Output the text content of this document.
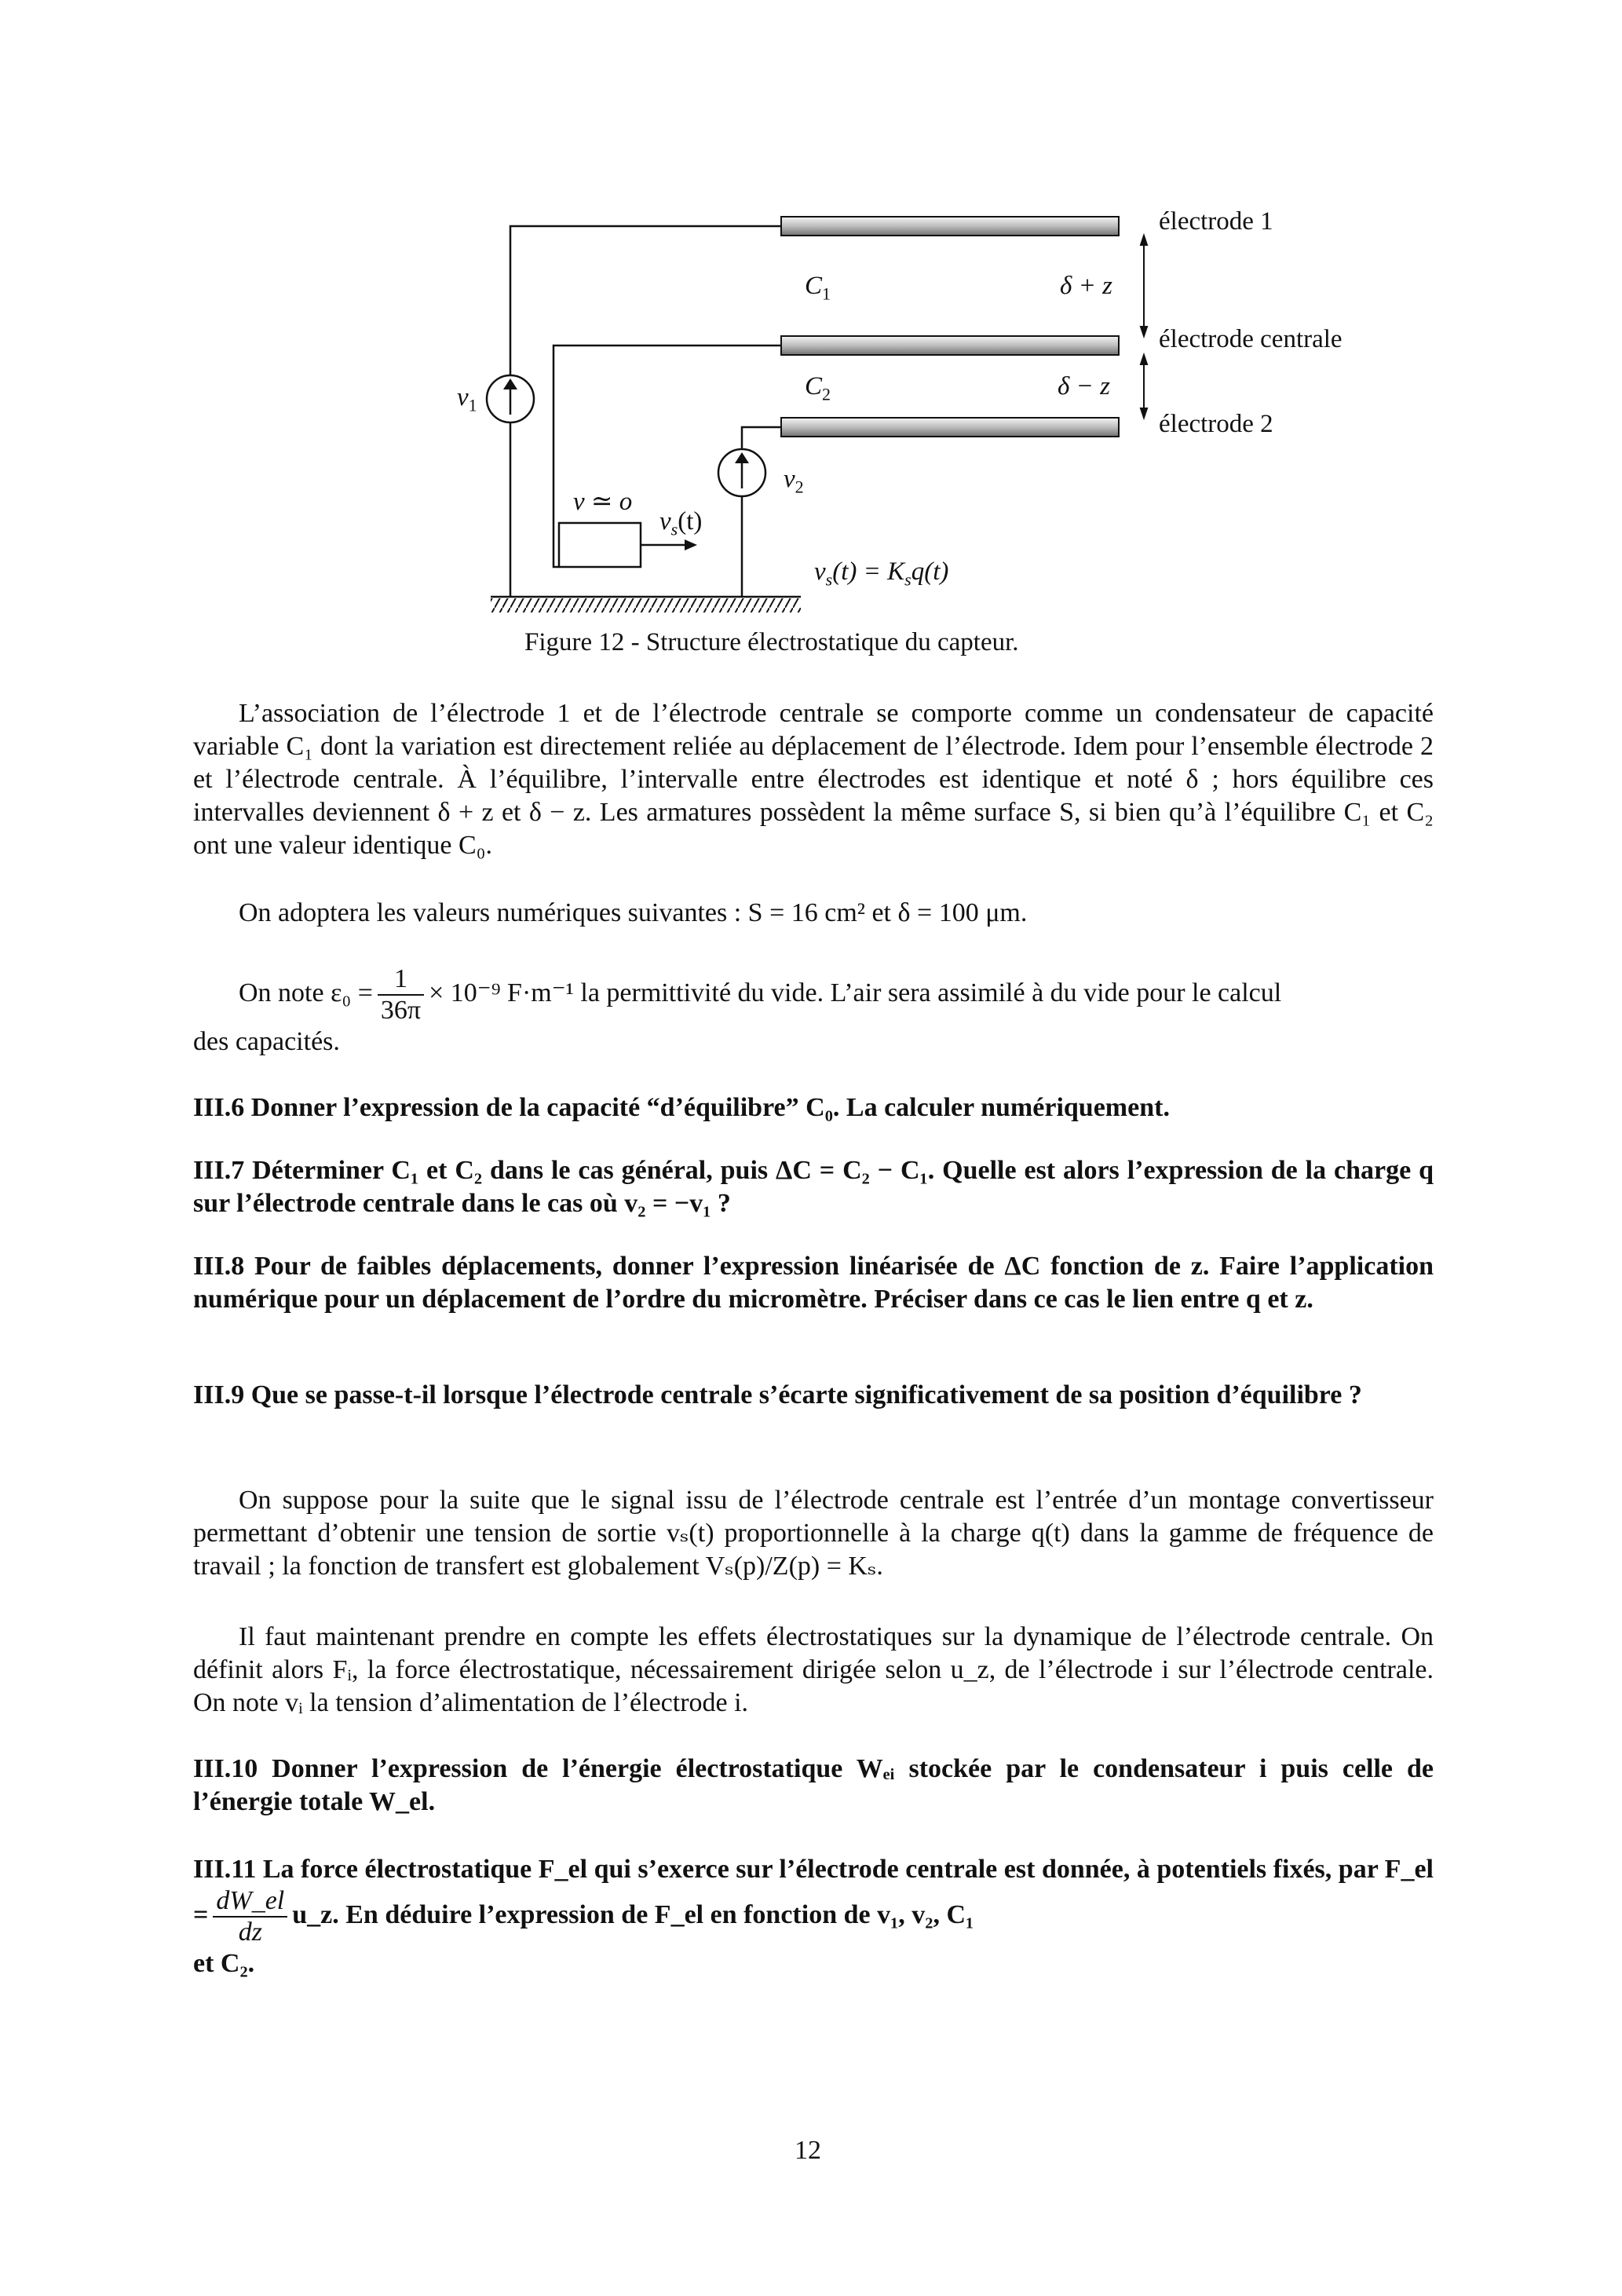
électrode 1
électrode centrale
électrode 2
$C_1$
$C_2$
δ + z
δ − z
$v_1$
$v_2$
v ≃ o
$v_s(t)$
$v_s(t) = K_sq(t)$
Figure 12 - Structure électrostatique du capteur.
L’association de l’électrode 1 et de l’électrode centrale se comporte comme un condensateur de capacité variable C₁ dont la variation est directement reliée au déplacement de l’électrode. Idem pour l’ensemble électrode 2 et l’électrode centrale. À l’équilibre, l’intervalle entre électrodes est identique et noté δ ; hors équilibre ces intervalles deviennent δ + z et δ − z. Les armatures possèdent la même surface S, si bien qu’à l’équilibre C₁ et C₂ ont une valeur identique C₀.
On adoptera les valeurs numériques suivantes : S = 16 cm² et δ = 100 μm.
On note $\varepsilon_0 = \frac{1}{36\pi} \times 10^{-9}$ F·m⁻¹ la permittivité du vide. L’air sera assimilé à du vide pour le calcul
des capacités.
III.6 Donner l’expression de la capacité “d’équilibre” C₀. La calculer numériquement.
III.7 Déterminer C₁ et C₂ dans le cas général, puis ΔC = C₂ − C₁. Quelle est alors l’expression de la charge q sur l’électrode centrale dans le cas où v₂ = −v₁ ?
III.8 Pour de faibles déplacements, donner l’expression linéarisée de ΔC fonction de z. Faire l’application numérique pour un déplacement de l’ordre du micromètre. Préciser dans ce cas le lien entre q et z.
III.9 Que se passe-t-il lorsque l’électrode centrale s’écarte significativement de sa position d’équilibre ?
On suppose pour la suite que le signal issu de l’électrode centrale est l’entrée d’un montage convertisseur permettant d’obtenir une tension de sortie vₛ(t) proportionnelle à la charge q(t) dans la gamme de fréquence de travail ; la fonction de transfert est globalement Vₛ(p)/Z(p) = Kₛ.
Il faut maintenant prendre en compte les effets électrostatiques sur la dynamique de l’électrode centrale. On définit alors Fᵢ, la force électrostatique, nécessairement dirigée selon u_z, de l’électrode i sur l’électrode centrale. On note vᵢ la tension d’alimentation de l’électrode i.
III.10 Donner l’expression de l’énergie électrostatique Wₑᵢ stockée par le condensateur i puis celle de l’énergie totale W_el.
III.11 La force électrostatique F_el qui s’exerce sur l’électrode centrale est donnée, à potentiels fixés, par F_el = $\frac{dW\_el}{dz}$ u_z. En déduire l’expression de F_el en fonction de v₁, v₂, C₁
et C₂.
12
